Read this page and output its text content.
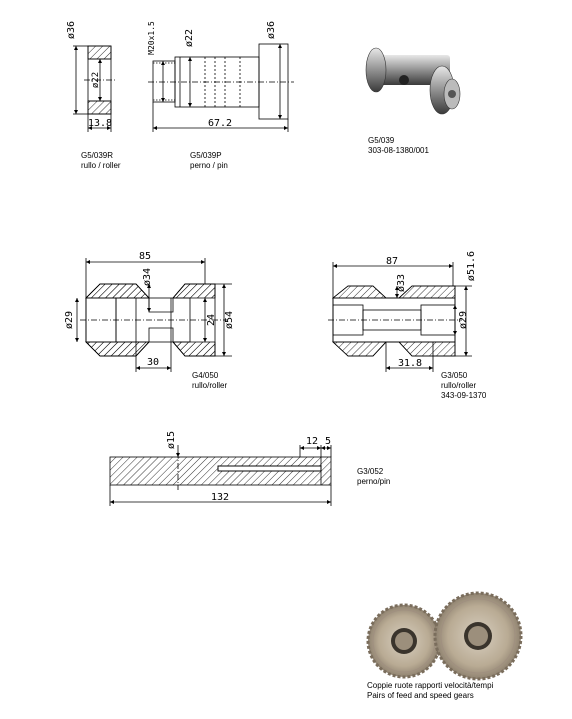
ø36
ø22
13.8
M20x1.5	ø22	ø36
67.2
85
ø34
ø29	24 ø54
30
87
ø33
ø51.6
ø29
31.8
ø15	12 5
132
G5/039R
rullo / roller
G5/039P
perno / pin
G5/039
303-08-1380/001
G4/050
rullo/roller
G3/050
rullo/roller
343-09-1370
G3/052
perno/pin
Coppie ruote rapporti velocità/tempi
Pairs of feed and speed gears
